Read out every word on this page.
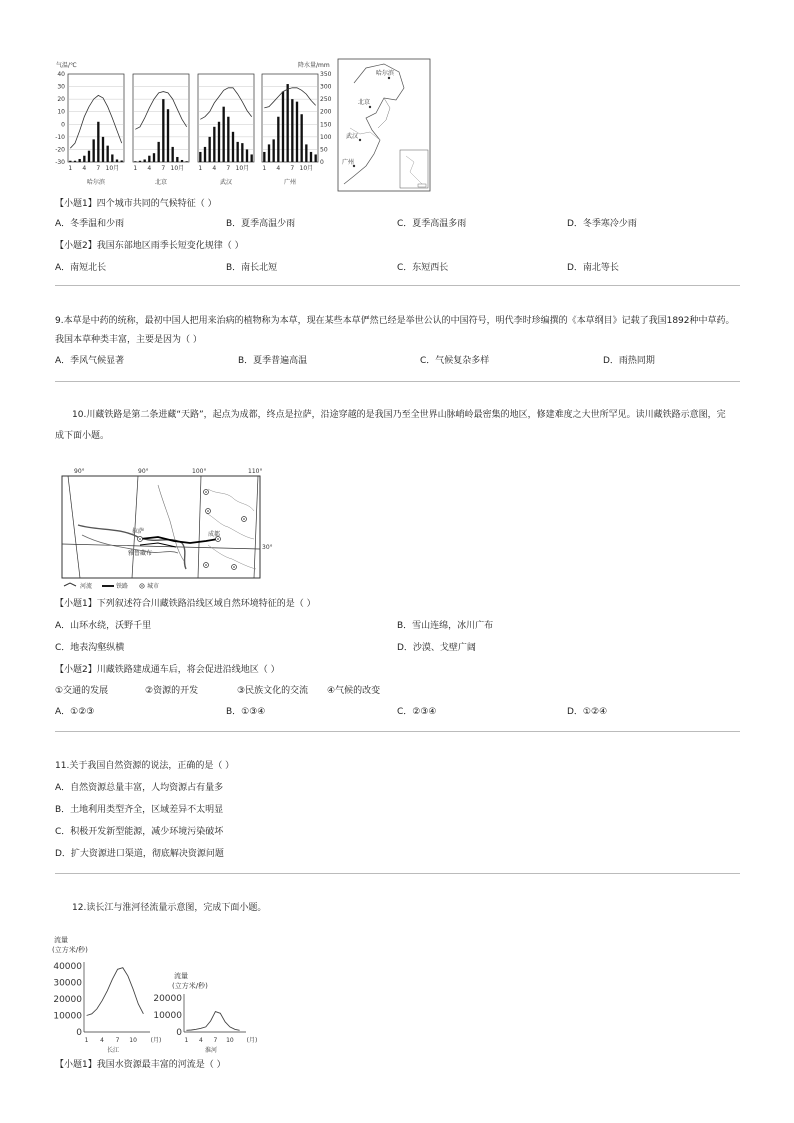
气温/℃	降水量/mm
40
30
20
10
0
-10
-20
-30
350
300
250
200
150
100
50
0
1 4 7 10月
哈尔滨
1 4 7 10月
北京
1 4 7 10月
武汉
1 4 7 10月
广州
哈尔滨
北京
武汉
广州
【小题1】四个城市共同的气候特征（ ）
A．冬季温和少雨	B．夏季高温少雨	C．夏季高温多雨	D．冬季寒冷少雨
【小题2】我国东部地区雨季长短变化规律（ ）
A．南短北长	B．南长北短	C．东短西长	D．南北等长
9.本草是中药的统称，最初中国人把用来治病的植物称为本草，现在某些本草俨然已经是举世公认的中国符号，明代李时珍编撰的《本草纲目》记载了我国1892种中草药。
我国本草种类丰富，主要是因为（ ）
A．季风气候显著	B．夏季普遍高温	C．气候复杂多样	D．雨热同期
10.川藏铁路是第二条进藏“天路”，起点为成都，终点是拉萨，沿途穿越的是我国乃至全世界山脉峭岭最密集的地区，修建难度之大世所罕见。读川藏铁路示意图，完
成下面小题。
90°	90°	100°	110°
30°
拉萨	成都
雅鲁藏布
河流	铁路	城市
【小题1】下列叙述符合川藏铁路沿线区域自然环境特征的是（ ）
A．山环水绕，沃野千里	B．雪山连绵，冰川广布
C．地表沟壑纵横	D．沙漠、戈壁广阔
【小题2】川藏铁路建成通车后，将会促进沿线地区（ ）
①交通的发展	②资源的开发	③民族文化的交流 ④气候的改变
A．①②③	B．①③④	C．②③④	D．①②④
11.关于我国自然资源的说法，正确的是（ ）
A．自然资源总量丰富，人均资源占有量多
B．土地利用类型齐全，区域差异不太明显
C．积极开发新型能源，减少环境污染破坏
D．扩大资源进口渠道，彻底解决资源问题
12.读长江与淮河径流量示意图，完成下面小题。
流量
(立方米/秒)
40000
30000
20000
10000
0
1 4 7 10 (月)
长江
流量
(立方米/秒)
20000
10000
0
1 4 7 10 (月)
淮河
【小题1】我国水资源最丰富的河流是（ ）
